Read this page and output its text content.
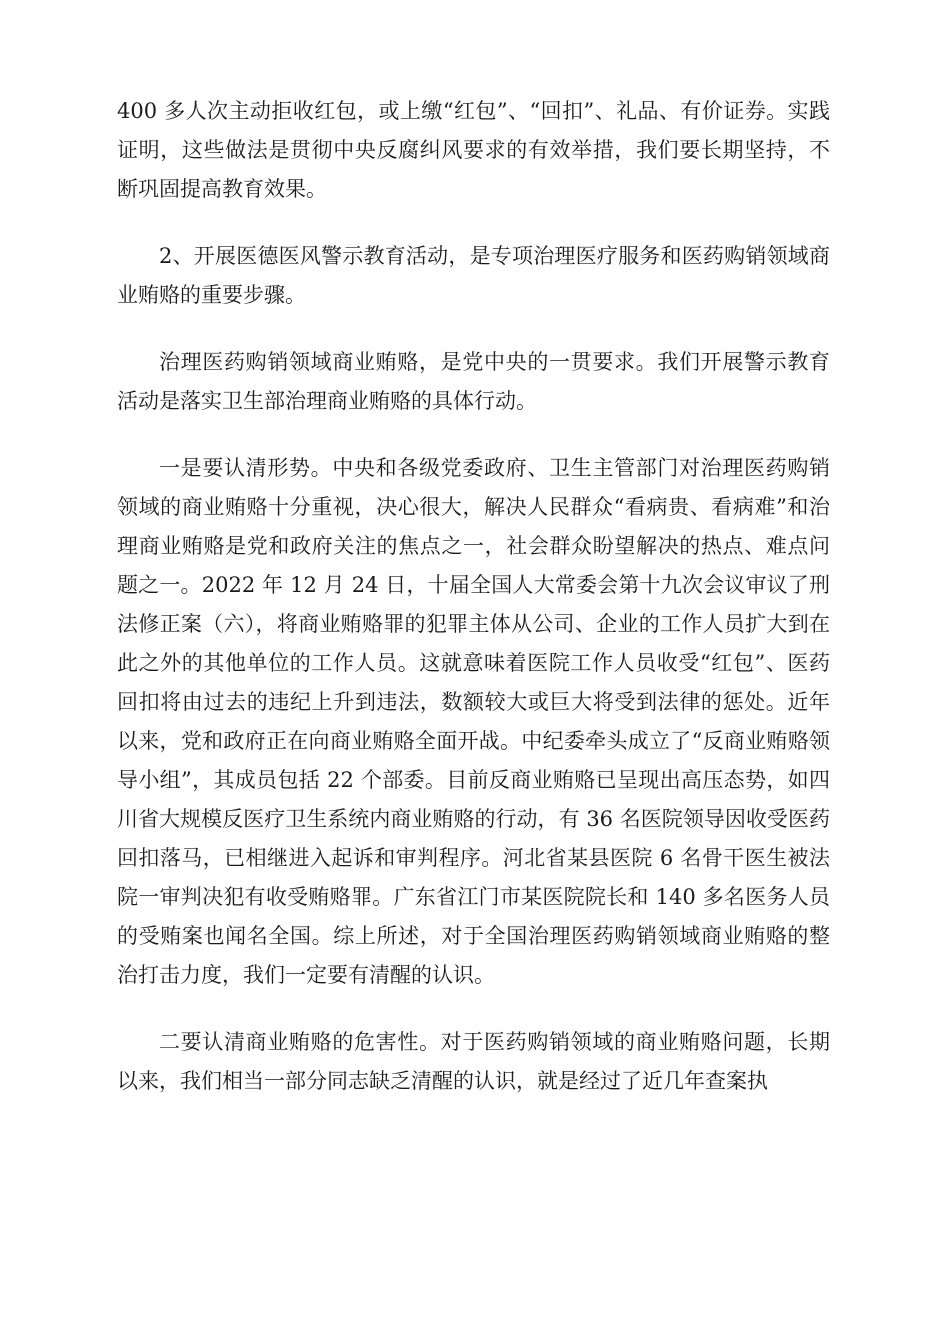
400 多人次主动拒收红包，或上缴“红包”、“回扣”、礼品、有价证券。实践证明，这些做法是贯彻中央反腐纠风要求的有效举措，我们要长期坚持，不断巩固提高教育效果。

2、开展医德医风警示教育活动，是专项治理医疗服务和医药购销领域商业贿赂的重要步骤。

治理医药购销领域商业贿赂，是党中央的一贯要求。我们开展警示教育活动是落实卫生部治理商业贿赂的具体行动。

一是要认清形势。中央和各级党委政府、卫生主管部门对治理医药购销领域的商业贿赂十分重视，决心很大，解决人民群众“看病贵、看病难”和治理商业贿赂是党和政府关注的焦点之一，社会群众盼望解决的热点、难点问题之一。2022 年 12 月 24 日，十届全国人大常委会第十九次会议审议了刑法修正案（六），将商业贿赂罪的犯罪主体从公司、企业的工作人员扩大到在此之外的其他单位的工作人员。这就意味着医院工作人员收受“红包”、医药回扣将由过去的违纪上升到违法，数额较大或巨大将受到法律的惩处。近年以来，党和政府正在向商业贿赂全面开战。中纪委牵头成立了“反商业贿赂领导小组”，其成员包括 22 个部委。目前反商业贿赂已呈现出高压态势，如四川省大规模反医疗卫生系统内商业贿赂的行动，有 36 名医院领导因收受医药回扣落马，已相继进入起诉和审判程序。河北省某县医院 6 名骨干医生被法院一审判决犯有收受贿赂罪。广东省江门市某医院院长和 140 多名医务人员的受贿案也闻名全国。综上所述，对于全国治理医药购销领域商业贿赂的整治打击力度，我们一定要有清醒的认识。

二要认清商业贿赂的危害性。对于医药购销领域的商业贿赂问题，长期以来，我们相当一部分同志缺乏清醒的认识，就是经过了近几年查案执
